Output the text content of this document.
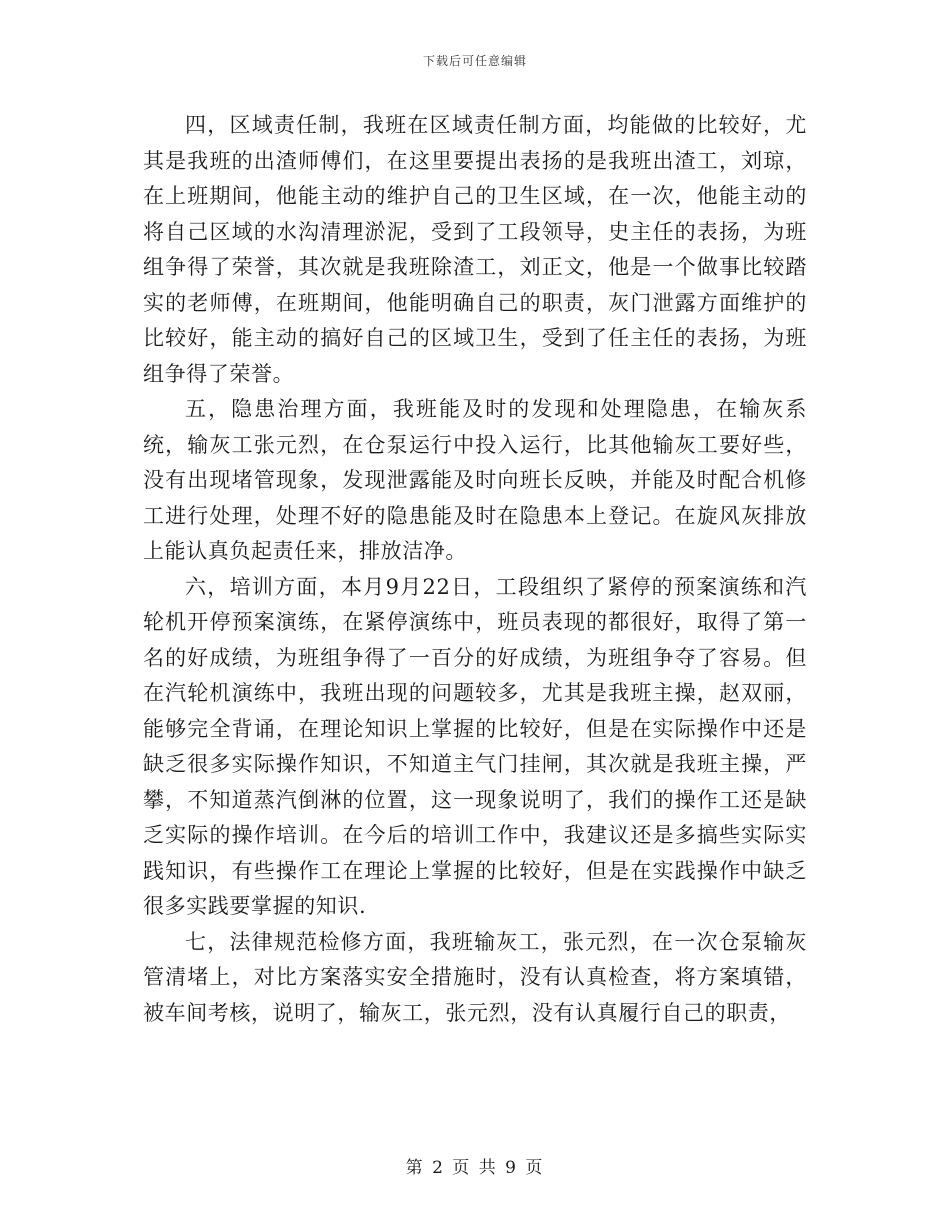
下载后可任意编辑

四，区域责任制，我班在区域责任制方面，均能做的比较好，尤其是我班的出渣师傅们，在这里要提出表扬的是我班出渣工，刘琼，在上班期间，他能主动的维护自己的卫生区域，在一次，他能主动的将自己区域的水沟清理淤泥，受到了工段领导，史主任的表扬，为班组争得了荣誉，其次就是我班除渣工，刘正文，他是一个做事比较踏实的老师傅，在班期间，他能明确自己的职责，灰门泄露方面维护的比较好，能主动的搞好自己的区域卫生，受到了任主任的表扬，为班组争得了荣誉。

五，隐患治理方面，我班能及时的发现和处理隐患，在输灰系统，输灰工张元烈，在仓泵运行中投入运行，比其他输灰工要好些，没有出现堵管现象，发现泄露能及时向班长反映，并能及时配合机修工进行处理，处理不好的隐患能及时在隐患本上登记。在旋风灰排放上能认真负起责任来，排放洁净。

六，培训方面，本月9月22日，工段组织了紧停的预案演练和汽轮机开停预案演练，在紧停演练中，班员表现的都很好，取得了第一名的好成绩，为班组争得了一百分的好成绩，为班组争夺了容易。但在汽轮机演练中，我班出现的问题较多，尤其是我班主操，赵双丽，能够完全背诵，在理论知识上掌握的比较好，但是在实际操作中还是缺乏很多实际操作知识，不知道主气门挂闸，其次就是我班主操，严攀，不知道蒸汽倒淋的位置，这一现象说明了，我们的操作工还是缺乏实际的操作培训。在今后的培训工作中，我建议还是多搞些实际实践知识，有些操作工在理论上掌握的比较好，但是在实践操作中缺乏很多实践要掌握的知识.

七，法律规范检修方面，我班输灰工，张元烈，在一次仓泵输灰管清堵上，对比方案落实安全措施时，没有认真检查，将方案填错，被车间考核，说明了，输灰工，张元烈，没有认真履行自己的职责，

第 2 页 共 9 页
